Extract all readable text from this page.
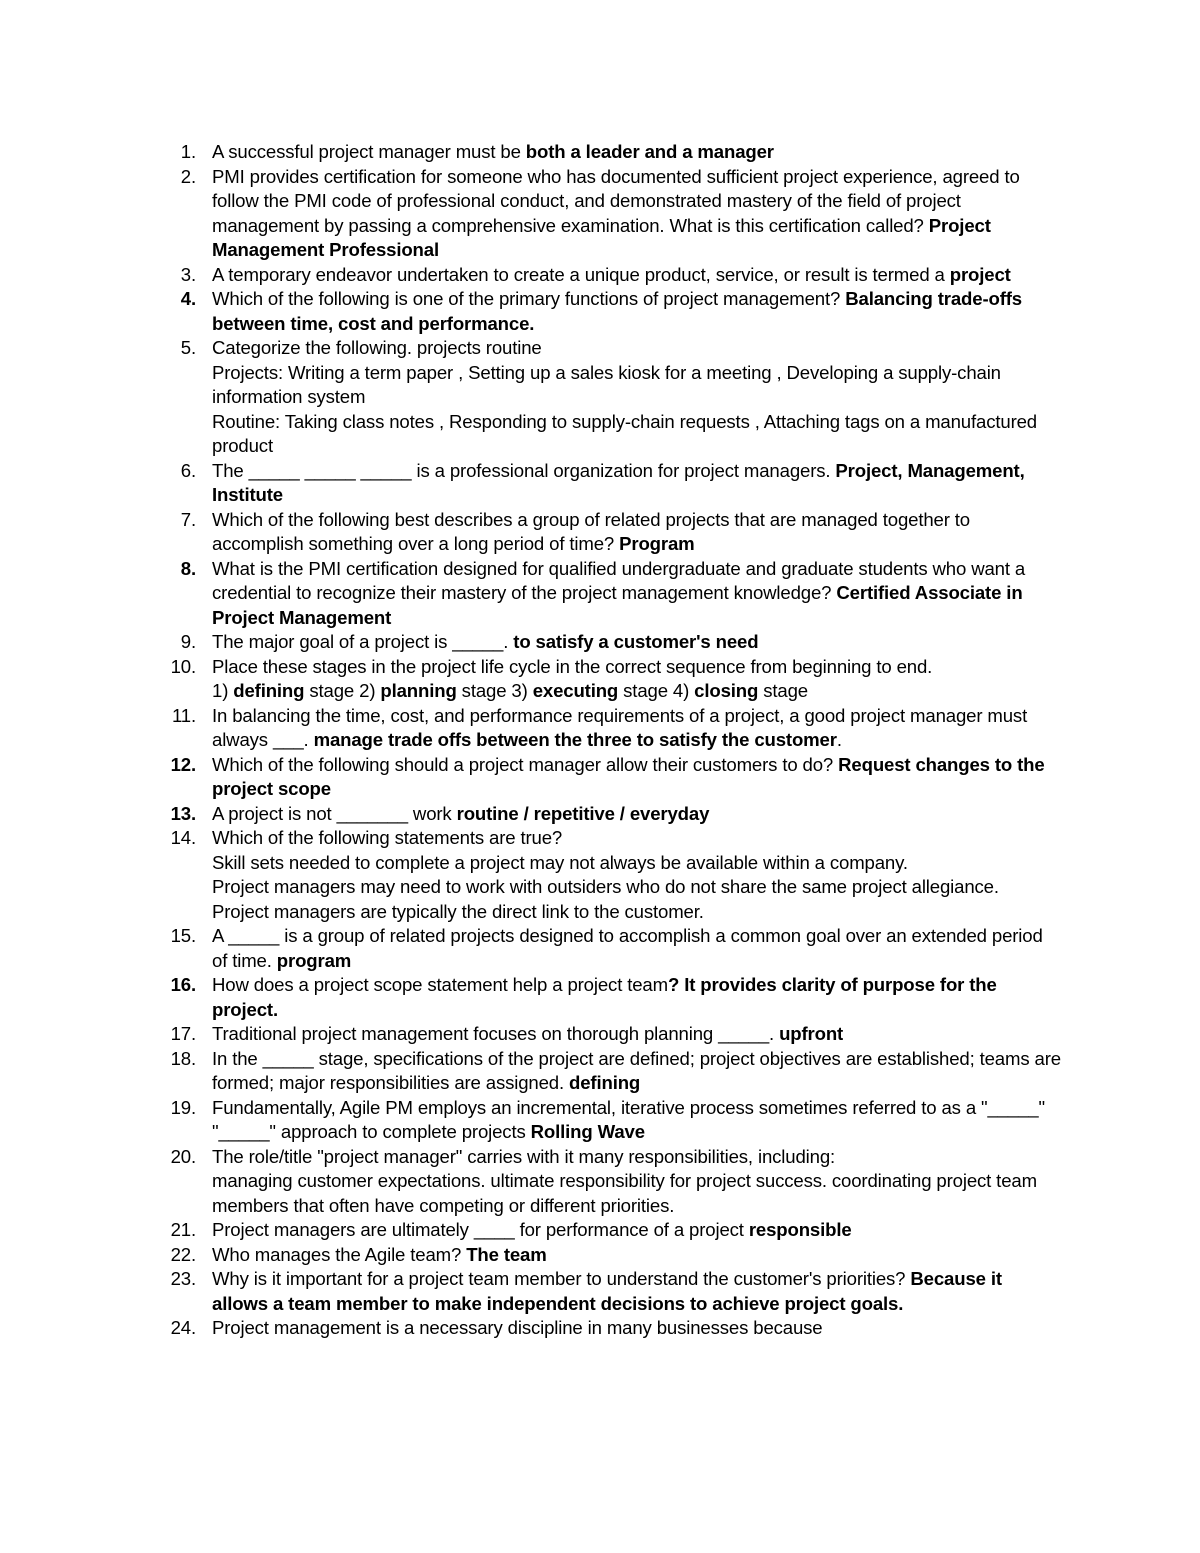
1. A successful project manager must be both a leader and a manager
2. PMI provides certification for someone who has documented sufficient project experience, agreed to follow the PMI code of professional conduct, and demonstrated mastery of the field of project management by passing a comprehensive examination. What is this certification called? Project Management Professional
3. A temporary endeavor undertaken to create a unique product, service, or result is termed a project
4. Which of the following is one of the primary functions of project management? Balancing trade-offs between time, cost and performance.
5. Categorize the following. projects routine
Projects: Writing a term paper , Setting up a sales kiosk for a meeting , Developing a supply-chain information system
Routine: Taking class notes , Responding to supply-chain requests , Attaching tags on a manufactured product
6. The _____ _____ _____ is a professional organization for project managers. Project, Management, Institute
7. Which of the following best describes a group of related projects that are managed together to accomplish something over a long period of time? Program
8. What is the PMI certification designed for qualified undergraduate and graduate students who want a credential to recognize their mastery of the project management knowledge? Certified Associate in Project Management
9. The major goal of a project is _____. to satisfy a customer's need
10. Place these stages in the project life cycle in the correct sequence from beginning to end.
1) defining stage 2) planning stage 3) executing stage 4) closing stage
11. In balancing the time, cost, and performance requirements of a project, a good project manager must always ___. manage trade offs between the three to satisfy the customer.
12. Which of the following should a project manager allow their customers to do? Request changes to the project scope
13. A project is not _______ work routine / repetitive / everyday
14. Which of the following statements are true?
Skill sets needed to complete a project may not always be available within a company.
Project managers may need to work with outsiders who do not share the same project allegiance.
Project managers are typically the direct link to the customer.
15. A _____ is a group of related projects designed to accomplish a common goal over an extended period of time. program
16. How does a project scope statement help a project team? It provides clarity of purpose for the project.
17. Traditional project management focuses on thorough planning _____. upfront
18. In the _____ stage, specifications of the project are defined; project objectives are established; teams are formed; major responsibilities are assigned. defining
19. Fundamentally, Agile PM employs an incremental, iterative process sometimes referred to as a "_____" "_____" approach to complete projects Rolling Wave
20. The role/title "project manager" carries with it many responsibilities, including:
managing customer expectations. ultimate responsibility for project success. coordinating project team members that often have competing or different priorities.
21. Project managers are ultimately ____ for performance of a project responsible
22. Who manages the Agile team? The team
23. Why is it important for a project team member to understand the customer's priorities? Because it allows a team member to make independent decisions to achieve project goals.
24. Project management is a necessary discipline in many businesses because
